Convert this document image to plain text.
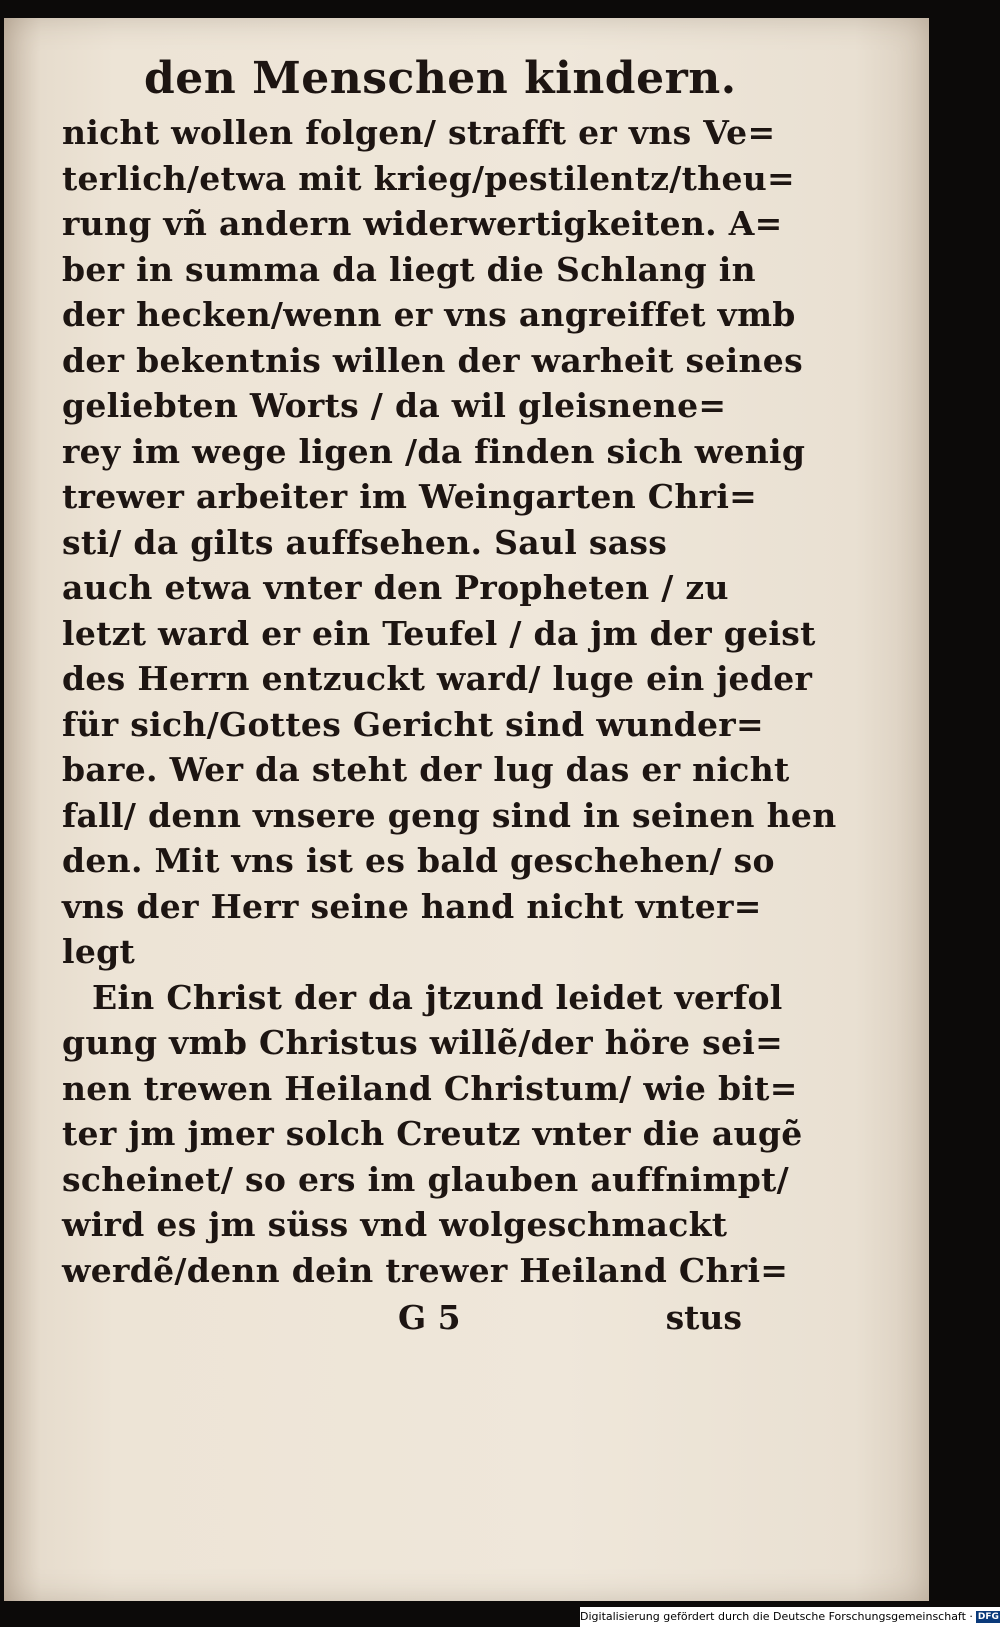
den Menschen kindern.
nicht wollen folgen/ strafft er vns Ve=
terlich/etwa mit krieg/pestilentz/theu=
rung vñ andern widerwertigkeiten. A=
ber in summa da liegt die Schlang in
der hecken/wenn er vns angreiffet vmb
der bekentnis willen der warheit seines
geliebten Worts / da wil gleisnene=
rey im wege ligen /da finden sich wenig
trewer arbeiter im Weingarten Chri=
sti/ da gilts auffsehen. Saul sass
auch etwa vnter den Propheten / zu
letzt ward er ein Teufel / da jm der geist
des Herrn entzuckt ward/ luge ein jeder
für sich/Gottes Gericht sind wunder=
bare. Wer da steht der lug das er nicht
fall/ denn vnsere geng sind in seinen hen
den. Mit vns ist es bald geschehen/ so
vns der Herr seine hand nicht vnter=
legt
Ein Christ der da jtzund leidet verfol
gung vmb Christus willẽ/der höre sei=
nen trewen Heiland Christum/ wie bit=
ter jm jmer solch Creutz vnter die augẽ
scheinet/ so ers im glauben auffnimpt/
wird es jm süss vnd wolgeschmackt
werdẽ/denn dein trewer Heiland Chri=
G 5	stus
Digitalisierung gefördert durch die Deutsche Forschungsgemeinschaft · DFG
